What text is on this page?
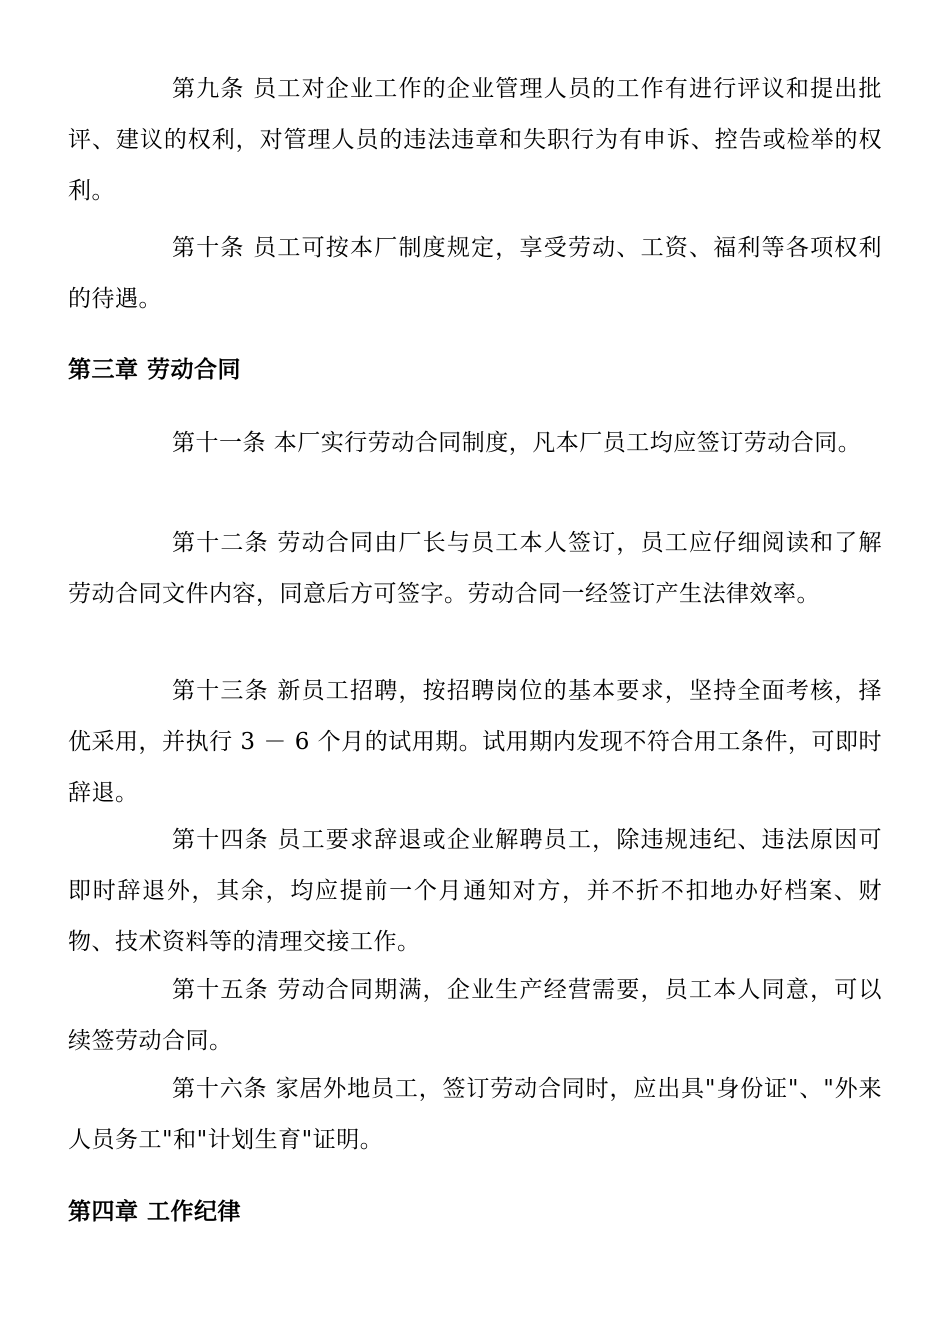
第九条 员工对企业工作的企业管理人员的工作有进行评议和提出批评、建议的权利，对管理人员的违法违章和失职行为有申诉、控告或检举的权利。

第十条 员工可按本厂制度规定，享受劳动、工资、福利等各项权利的待遇。

第三章 劳动合同

第十一条 本厂实行劳动合同制度，凡本厂员工均应签订劳动合同。

第十二条 劳动合同由厂长与员工本人签订，员工应仔细阅读和了解劳动合同文件内容，同意后方可签字。劳动合同一经签订产生法律效率。

第十三条 新员工招聘，按招聘岗位的基本要求，坚持全面考核，择优采用，并执行 3 － 6 个月的试用期。试用期内发现不符合用工条件，可即时辞退。

第十四条 员工要求辞退或企业解聘员工，除违规违纪、违法原因可即时辞退外，其余，均应提前一个月通知对方，并不折不扣地办好档案、财物、技术资料等的清理交接工作。

第十五条 劳动合同期满，企业生产经营需要，员工本人同意，可以续签劳动合同。

第十六条 家居外地员工，签订劳动合同时，应出具"身份证"、"外来人员务工"和"计划生育"证明。

第四章 工作纪律
